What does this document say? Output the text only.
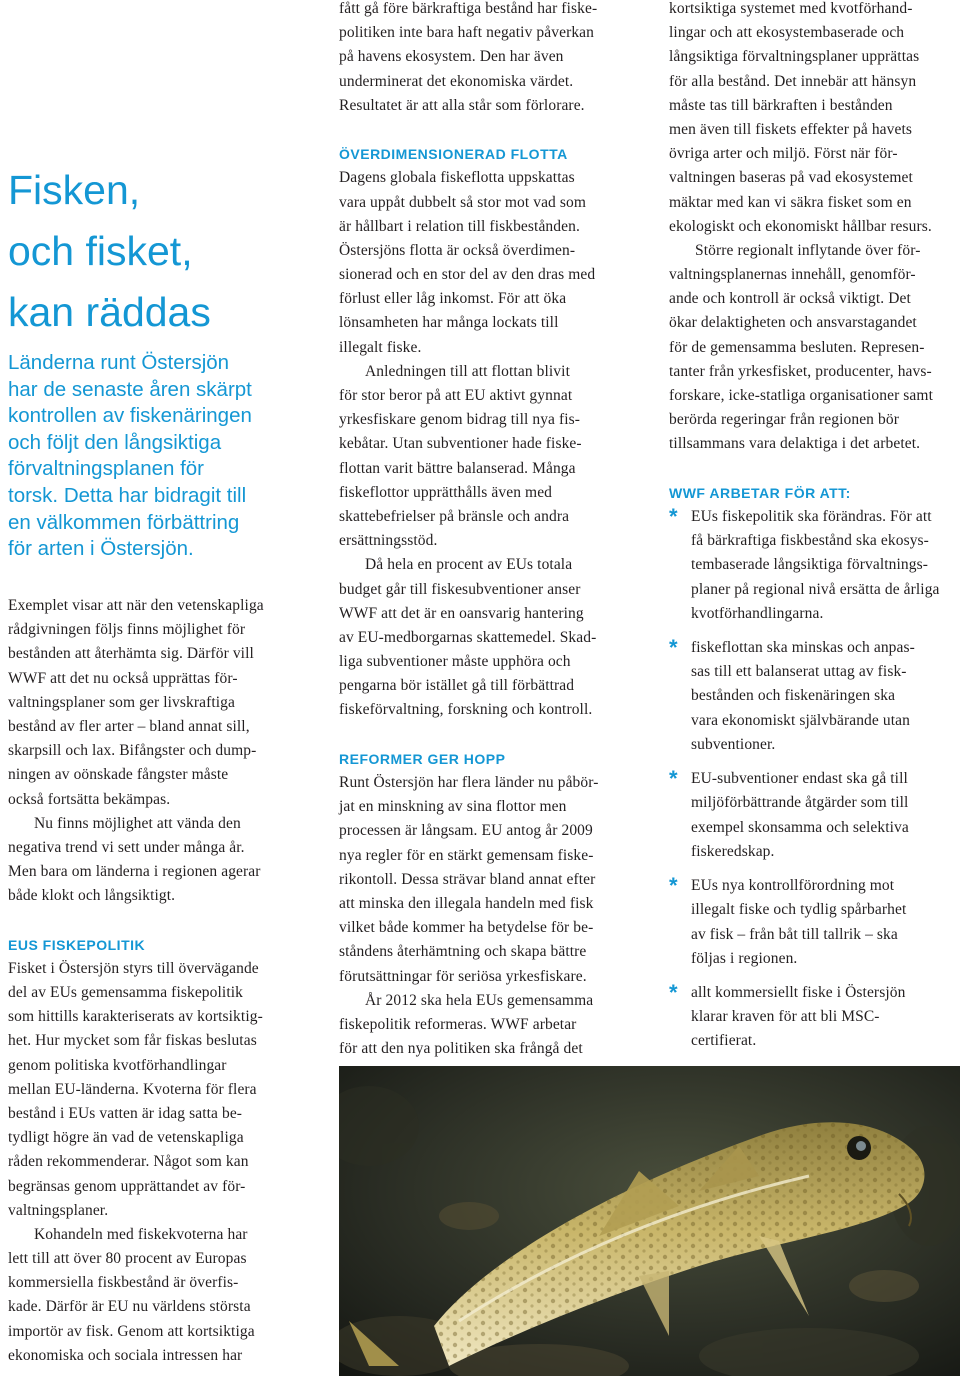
Fisken,
och fisket,
kan räddas
Länderna runt Östersjön
har de senaste åren skärpt
kontrollen av fiskenäringen
och följt den långsiktiga
förvaltningsplanen för
torsk. Detta har bidragit till
en välkommen förbättring
för arten i Östersjön.
Exemplet visar att när den vetenskapliga
rådgivningen följs finns möjlighet för
bestånden att återhämta sig. Därför vill
WWF att det nu också upprättas för-
valtningsplaner som ger livskraftiga
bestånd av fler arter – bland annat sill,
skarpsill och lax. Bifångster och dump-
ningen av oönskade fångster måste
också fortsätta bekämpas.
Nu finns möjlighet att vända den
negativa trend vi sett under många år.
Men bara om länderna i regionen agerar
både klokt och långsiktigt.
EUS FISKEPOLITIK
Fisket i Östersjön styrs till övervägande
del av EUs gemensamma fiskepolitik
som hittills karakteriserats av kortsiktig-
het. Hur mycket som får fiskas beslutas
genom politiska kvotförhandlingar
mellan EU-länderna. Kvoterna för flera
bestånd i EUs vatten är idag satta be-
tydligt högre än vad de vetenskapliga
råden rekommenderar. Något som kan
begränsas genom upprättandet av för-
valtningsplaner.
Kohandeln med fiskekvoterna har
lett till att över 80 procent av Europas
kommersiella fiskbestånd är överfis-
kade. Därför är EU nu världens största
importör av fisk. Genom att kortsiktiga
ekonomiska och sociala intressen har
fått gå före bärkraftiga bestånd har fiske-
politiken inte bara haft negativ påverkan
på havens ekosystem. Den har även
underminerat det ekonomiska värdet.
Resultatet är att alla står som förlorare.
ÖVERDIMENSIONERAD FLOTTA
Dagens globala fiskeflotta uppskattas
vara uppåt dubbelt så stor mot vad som
är hållbart i relation till fiskbestånden.
Östersjöns flotta är också överdimen-
sionerad och en stor del av den dras med
förlust eller låg inkomst. För att öka
lönsamheten har många lockats till
illegalt fiske.
Anledningen till att flottan blivit
för stor beror på att EU aktivt gynnat
yrkesfiskare genom bidrag till nya fis-
kebåtar. Utan subventioner hade fiske-
flottan varit bättre balanserad. Många
fiskeflottor upprätthålls även med
skattebefrielser på bränsle och andra
ersättningsstöd.
Då hela en procent av EUs totala
budget går till fiskesubventioner anser
WWF att det är en oansvarig hantering
av EU-medborgarnas skattemedel. Skad-
liga subventioner måste upphöra och
pengarna bör istället gå till förbättrad
fiskeförvaltning, forskning och kontroll.
REFORMER GER HOPP
Runt Östersjön har flera länder nu påbör-
jat en minskning av sina flottor men
processen är långsam. EU antog år 2009
nya regler för en stärkt gemensam fiske-
rikontoll. Dessa strävar bland annat efter
att minska den illegala handeln med fisk
vilket både kommer ha betydelse för be-
ståndens återhämtning och skapa bättre
förutsättningar för seriösa yrkesfiskare.
År 2012 ska hela EUs gemensamma
fiskepolitik reformeras. WWF arbetar
för att den nya politiken ska frångå det
kortsiktiga systemet med kvotförhand-
lingar och att ekosystembaserade och
långsiktiga förvaltningsplaner upprättas
för alla bestånd. Det innebär att hänsyn
måste tas till bärkraften i bestånden
men även till fiskets effekter på havets
övriga arter och miljö. Först när för-
valtningen baseras på vad ekosystemet
mäktar med kan vi säkra fisket som en
ekologiskt och ekonomiskt hållbar resurs.
Större regionalt inflytande över för-
valtningsplanernas innehåll, genomför-
ande och kontroll är också viktigt. Det
ökar delaktigheten och ansvarstagandet
för de gemensamma besluten. Represen-
tanter från yrkesfisket, producenter, havs-
forskare, icke-statliga organisationer samt
berörda regeringar från regionen bör
tillsammans vara delaktiga i det arbetet.
WWF ARBETAR FÖR ATT:
* EUs fiskepolitik ska förändras. För att
få bärkraftiga fiskbestånd ska ekosys-
tembaserade långsiktiga förvaltnings-
planer på regional nivå ersätta de årliga
kvotförhandlingarna.
* fiskeflottan ska minskas och anpas-
sas till ett balanserat uttag av fisk-
bestånden och fiskenäringen ska
vara ekonomiskt självbärande utan
subventioner.
* EU-subventioner endast ska gå till
miljöförbättrande åtgärder som till
exempel skonsamma och selektiva
fiskeredskap.
* EUs nya kontrollförordning mot
illegalt fiske och tydlig spårbarhet
av fisk – från båt till tallrik – ska
följas i regionen.
* allt kommersiellt fiske i Östersjön
klarar kraven för att bli MSC-
certifierat.
